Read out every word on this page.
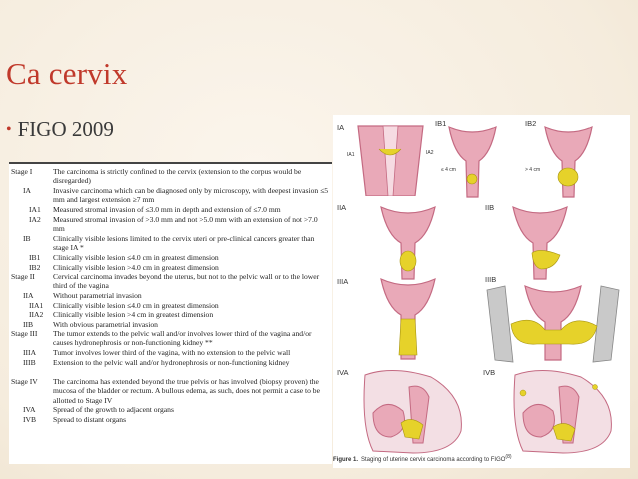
Ca cervix
• FIGO 2009
Stage I	The carcinoma is strictly confined to the cervix (extension to the corpus would be disregarded)
IA	Invasive carcinoma which can be diagnosed only by microscopy, with deepest invasion ≤5 mm and largest extension ≥7 mm
IA1	Measured stromal invasion of ≤3.0 mm in depth and extension of ≤7.0 mm
IA2	Measured stromal invasion of >3.0 mm and not >5.0 mm with an extension of not >7.0 mm
IB	Clinically visible lesions limited to the cervix uteri or pre-clinical cancers greater than stage IA *
IB1	Clinically visible lesion ≤4.0 cm in greatest dimension
IB2	Clinically visible lesion >4.0 cm in greatest dimension
Stage II	Cervical carcinoma invades beyond the uterus, but not to the pelvic wall or to the lower third of the vagina
IIA	Without parametrial invasion
IIA1	Clinically visible lesion ≤4.0 cm in greatest dimension
IIA2	Clinically visible lesion >4 cm in greatest dimension
IIB	With obvious parametrial invasion
Stage III	The tumor extends to the pelvic wall and/or involves lower third of the vagina and/or causes hydronephrosis or non-functioning kidney **
IIIA	Tumor involves lower third of the vagina, with no extension to the pelvic wall
IIIB	Extension to the pelvic wall and/or hydronephrosis or non-functioning kidney
Stage IV	The carcinoma has extended beyond the true pelvis or has involved (biopsy proven) the mucosa of the bladder or rectum. A bullous edema, as such, does not permit a case to be allotted to Stage IV
IVA	Spread of the growth to adjacent organs
IVB	Spread to distant organs
IA
IA1	IA2
IB1
≤ 4 cm
IB2
> 4 cm
IIA	IIB
IIIA	IIIB
IVA	IVB
Figure 1. Staging of uterine cervix carcinoma according to FIGO$^{(8)}$
